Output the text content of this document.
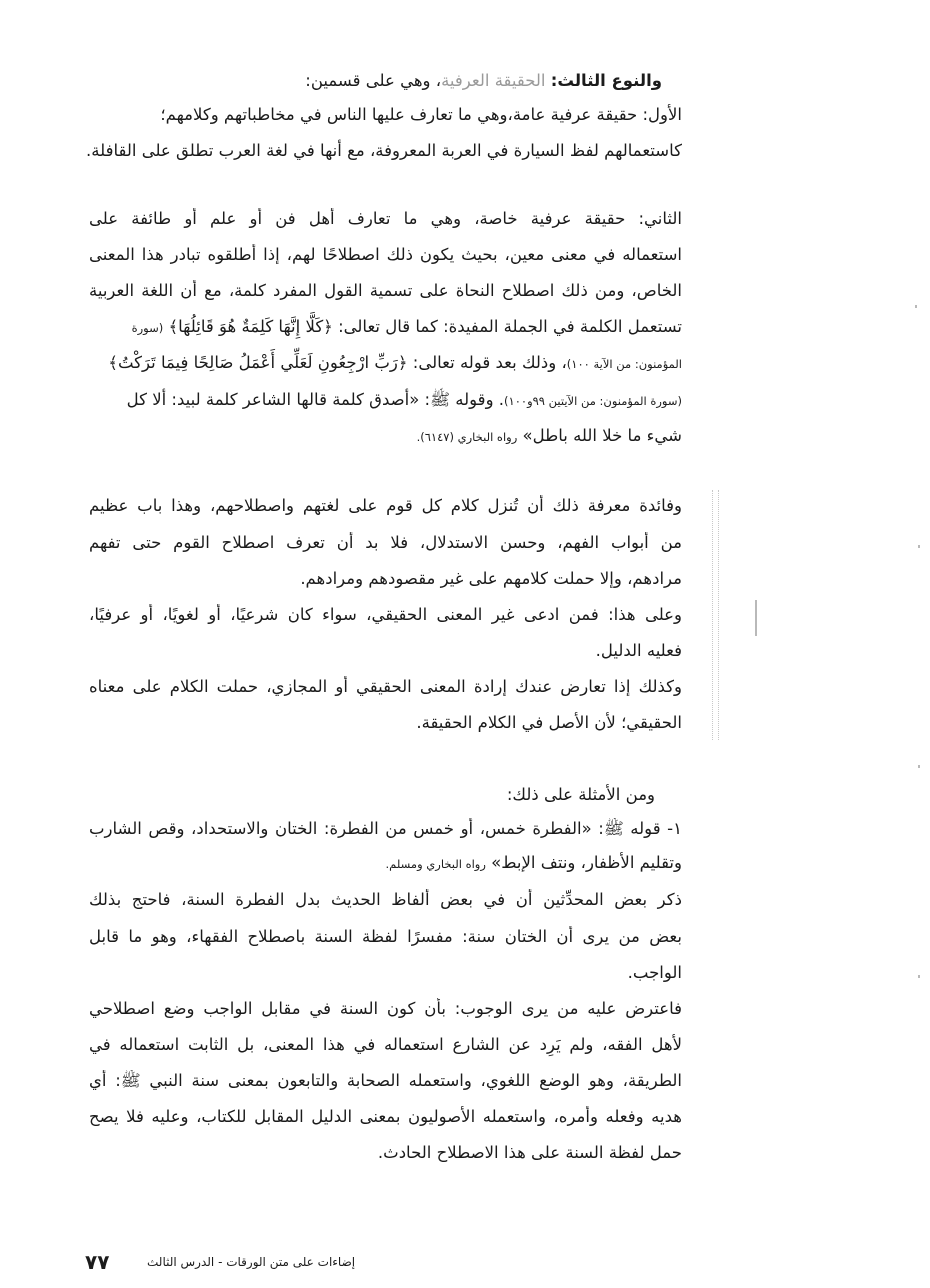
والنوع الثالث: الحقيقة العرفية، وهي على قسمين:
الأول: حقيقة عرفية عامة،وهي ما تعارف عليها الناس في مخاطباتهم وكلامهم؛
كاستعمالهم لفظ السيارة في العربة المعروفة، مع أنها في لغة العرب تطلق على القافلة.
الثاني: حقيقة عرفية خاصة، وهي ما تعارف أهل فن أو علم أو طائفة على
استعماله في معنى معين، بحيث يكون ذلك اصطلاحًا لهم، إذا أطلقوه تبادر هذا المعنى
الخاص، ومن ذلك اصطلاح النحاة على تسمية القول المفرد كلمة، مع أن اللغة العربية
تستعمل الكلمة في الجملة المفيدة: كما قال تعالى: ﴿كَلَّا إِنَّهَا كَلِمَةٌ هُوَ قَائِلُهَا﴾ (سورة
المؤمنون: من الآية ١٠٠)، وذلك بعد قوله تعالى: ﴿رَبِّ ارْجِعُونِ لَعَلِّي أَعْمَلُ صَالِحًا فِيمَا تَرَكْتُ﴾
(سورة المؤمنون: من الآيتين ٩٩و١٠٠). وقوله ﷺ: «أصدق كلمة قالها الشاعر كلمة لبيد: ألا كل
شيء ما خلا الله باطل» رواه البخاري (٦١٤٧).
وفائدة معرفة ذلك أن تُنزل كلام كل قوم على لغتهم واصطلاحهم، وهذا باب عظيم
من أبواب الفهم، وحسن الاستدلال، فلا بد أن تعرف اصطلاح القوم حتى تفهم
مرادهم، وإلا حملت كلامهم على غير مقصودهم ومرادهم.
وعلى هذا: فمن ادعى غير المعنى الحقيقي، سواء كان شرعيًا، أو لغويًا، أو عرفيًا،
فعليه الدليل.
وكذلك إذا تعارض عندك إرادة المعنى الحقيقي أو المجازي، حملت الكلام على معناه
الحقيقي؛ لأن الأصل في الكلام الحقيقة.
ومن الأمثلة على ذلك:
١- قوله ﷺ: «الفطرة خمس، أو خمس من الفطرة: الختان والاستحداد، وقص الشارب
وتقليم الأظفار، ونتف الإبط» رواه البخاري ومسلم.
ذكر بعض المحدِّثين أن في بعض ألفاظ الحديث بدل الفطرة السنة، فاحتج بذلك
بعض من يرى أن الختان سنة: مفسرًا لفظة السنة باصطلاح الفقهاء، وهو ما قابل
الواجب.
فاعترض عليه من يرى الوجوب: بأن كون السنة في مقابل الواجب وضع اصطلاحي
لأهل الفقه، ولم يَرِد عن الشارع استعماله في هذا المعنى، بل الثابت استعماله في
الطريقة، وهو الوضع اللغوي، واستعمله الصحابة والتابعون بمعنى سنة النبي ﷺ: أي
هديه وفعله وأمره، واستعمله الأصوليون بمعنى الدليل المقابل للكتاب، وعليه فلا يصح
حمل لفظة السنة على هذا الاصطلاح الحادث.
٧٧	إضاءات على متن الورقات - الدرس الثالث
